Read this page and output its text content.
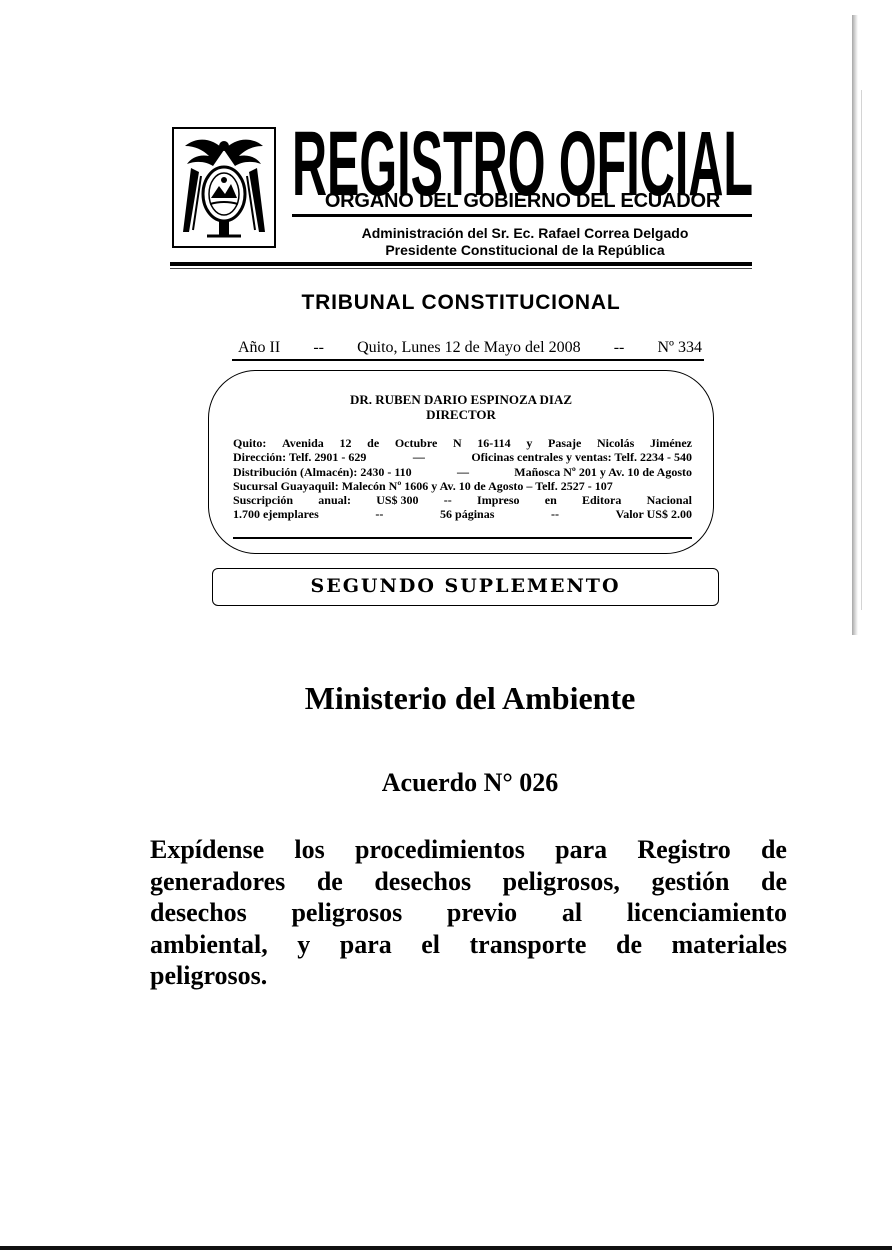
REGISTRO OFICIAL
ORGANO DEL GOBIERNO DEL ECUADOR
Administración del Sr. Ec. Rafael Correa Delgado
Presidente Constitucional de la República
TRIBUNAL CONSTITUCIONAL
Año II -- Quito, Lunes 12 de Mayo del 2008 -- Nº 334
DR. RUBEN DARIO ESPINOZA DIAZ
DIRECTOR
Quito: Avenida 12 de Octubre N 16-114 y Pasaje Nicolás Jiménez
Dirección: Telf. 2901 - 629	—	Oficinas centrales y ventas: Telf. 2234 - 540
Distribución (Almacén): 2430 - 110	—	Mañosca Nº 201 y Av. 10 de Agosto
Sucursal Guayaquil: Malecón Nº 1606 y Av. 10 de Agosto – Telf. 2527 - 107
Suscripción anual: US$ 300 -- Impreso en Editora Nacional
1.700 ejemplares	--	56 páginas	--	Valor US$ 2.00
SEGUNDO SUPLEMENTO
Ministerio del Ambiente
Acuerdo N° 026
Expídense los procedimientos para Registro de
generadores de desechos peligrosos, gestión de
desechos peligrosos previo al licenciamiento
ambiental, y para el transporte de materiales
peligrosos.
